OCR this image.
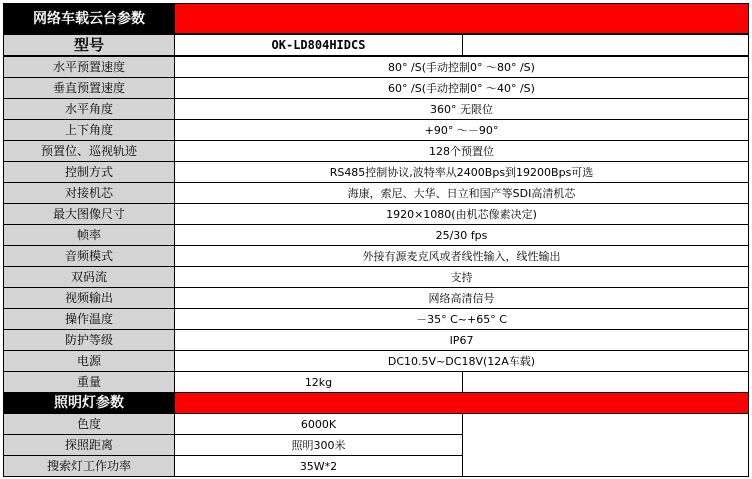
网络车载云台参数
型号	OK-LD804HIDCS
水平预置速度	80° /S(手动控制0° ～80° /S)
垂直预置速度	60° /S(手动控制0° ～40° /S)
水平角度	360° 无限位
上下角度	+90° ～－90°
预置位、巡视轨迹	128个预置位
控制方式	RS485控制协议,波特率从2400Bps到19200Bps可选
对接机芯	海康，索尼、大华、日立和国产等SDI高清机芯
最大图像尺寸	1920×1080(由机芯像素决定)
帧率	25/30 fps
音频模式	外接有源麦克风或者线性输入，线性输出
双码流	支持
视频输出	网络高清信号
操作温度	－35° C~+65° C
防护等级	IP67
电源	DC10.5V~DC18V(12A车载)
重量	12kg
照明灯参数
色度	6000K
探照距离	照明300米
搜索灯工作功率	35W*2
